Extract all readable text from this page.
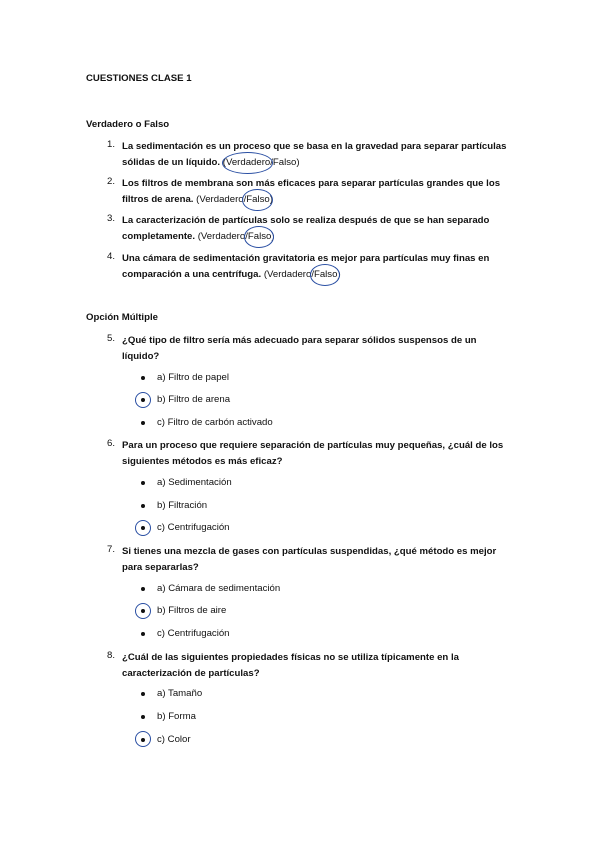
CUESTIONES CLASE 1
Verdadero o Falso
1. La sedimentación es un proceso que se basa en la gravedad para separar partículas sólidas de un líquido. (Verdadero/Falso)
2. Los filtros de membrana son más eficaces para separar partículas grandes que los filtros de arena. (Verdadero/Falso)
3. La caracterización de partículas solo se realiza después de que se han separado completamente. (Verdadero/Falso)
4. Una cámara de sedimentación gravitatoria es mejor para partículas muy finas en comparación a una centrífuga. (Verdadero/Falso)
Opción Múltiple
5. ¿Qué tipo de filtro sería más adecuado para separar sólidos suspensos de un líquido?
a) Filtro de papel
b) Filtro de arena
c) Filtro de carbón activado
6. Para un proceso que requiere separación de partículas muy pequeñas, ¿cuál de los siguientes métodos es más eficaz?
a) Sedimentación
b) Filtración
c) Centrifugación
7. Si tienes una mezcla de gases con partículas suspendidas, ¿qué método es mejor para separarlas?
a) Cámara de sedimentación
b) Filtros de aire
c) Centrifugación
8. ¿Cuál de las siguientes propiedades físicas no se utiliza típicamente en la caracterización de partículas?
a) Tamaño
b) Forma
c) Color
